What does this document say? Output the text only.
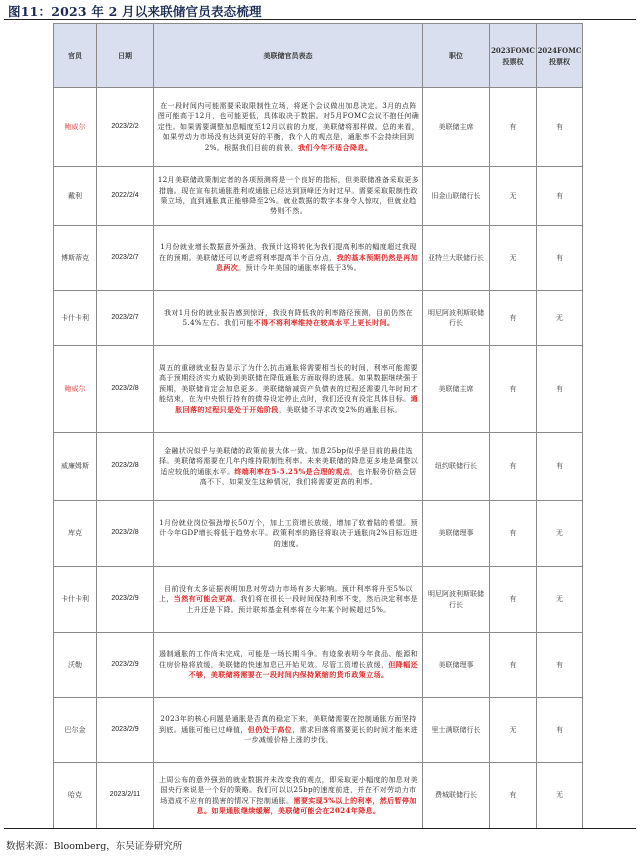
图11：2023 年 2 月以来联储官员表态梳理
官员	日期	美联储官员表态	职位	2023FOMC投票权	2024FOMC投票权
鲍威尔	2023/2/2	在一段时间内可能需要采取限制性立场，将逐个会议做出加息决定。3月的点阵图可能高于12月，也可能更低，具体取决于数据。对5月FOMC会议不抱任何确定性。如果需要调整加息幅度至12月以前的力度，美联储将那样做。总的来看，如果劳动力市场没有达到更好的平衡，我个人的观点是，通胀率不会持续回到2%。根据我们目前的前景，我们今年不适合降息。	美联储主席	有	有
戴利	2022/2/4	12月美联储政策制定者的各项预测将是一个良好的指标，但美联储准备采取更多措施。现在宣布抗通胀胜利或通胀已经达到顶峰还为时过早。需要采取限制性政策立场，直到通胀真正能够降至2%。就业数据的数字本身令人惊叹，但就业趋势则不然。	旧金山联储行长	无	有
博斯蒂克	2023/2/7	1月份就业增长数据意外强劲，我预计这将转化为我们提高利率的幅度超过我现在的预期。美联储还可以考虑将利率提高半个百分点，我的基本预期仍然是再加息两次。预计今年美国的通胀率将低于3%。	亚特兰大联储行长	无	有
卡什卡利	2023/2/7	我对1月份的就业报告感到惊讶，我没有降低我的利率路径预测，目前仍然在5.4%左右。我们可能不得不将利率维持在较高水平上更长时间。	明尼阿波利斯联储行长	有	无
鲍威尔	2023/2/8	周五的重磅就业报告显示了为什么抗击通胀将需要相当长的时间，利率可能需要高于预期经济实力威胁到美联储在降低通胀方面取得的进展。如果数据继续强于预期，美联储肯定会加息更多。美联储缩减资产负债表的过程还需要几年时间才能结束，在为中央银行持有的债券设定停止点时，我们还没有设定具体目标。通胀回落的过程只是处于开始阶段，美联储不寻求改变2%的通胀目标。	美联储主席	有	有
威廉姆斯	2023/2/8	金融状况似乎与美联储的政策前景大体一致。加息25bp似乎是目前的最佳选择。美联储将需要在几年内维持限制性利率。未来美联储的降息更多地是调整以适应较低的通胀水平。终端利率在5-5.25%是合理的观点，也许服务价格会居高不下，如果发生这种情况，我们将需要更高的利率。	纽约联储行长	有	有
库克	2023/2/8	1月份就业岗位强劲增长50万个，加上工资增长放缓，增加了软着陆的希望。预计今年GDP增长将低于趋势水平。政策利率的路径将取决于通胀向2%目标迈进的速度。	美联储理事	有	无
卡什卡利	2023/2/9	目前没有太多证据表明加息对劳动力市场有多大影响。预计利率将升至5%以上，当然有可能会更高。我们将在很长一段时间保持利率不变，然后决定利率是上升还是下降。预计联邦基金利率将在今年某个时候超过5%。	明尼阿波利斯联储行长	有	无
沃勒	2023/2/9	遏制通胀的工作尚未完成，可能是一场长期斗争。有迹象表明今年食品、能源和住房价格将放缓，美联储的快速加息已开始见效。尽管工资增长放缓，但降幅还不够，美联储将需要在一段时间内保持紧缩的货币政策立场。	美联储理事	有	有
巴尔金	2023/2/9	2023年的核心问题是通胀是否真的稳定下来，美联储需要在控制通胀方面坚持到底。通胀可能已过峰值，但仍处于高位，需求回落将需要更长的时间才能来进一步减缓价格上涨的步伐。	里士满联储行长	无	有
哈克	2023/2/11	上周公布的意外强劲的就业数据并未改变我的观点，即采取更小幅度的加息对美国央行来说是一个好的策略。我们可以以25bp的速度前进，并在不对劳动力市场造成不应有的损害的情况下控制通胀。需要实现5%以上的利率，然后暂停加息。如果通胀继续缓解，美联储可能会在2024年降息。	费城联储行长	有	无
数据来源：Bloomberg，东吴证券研究所
